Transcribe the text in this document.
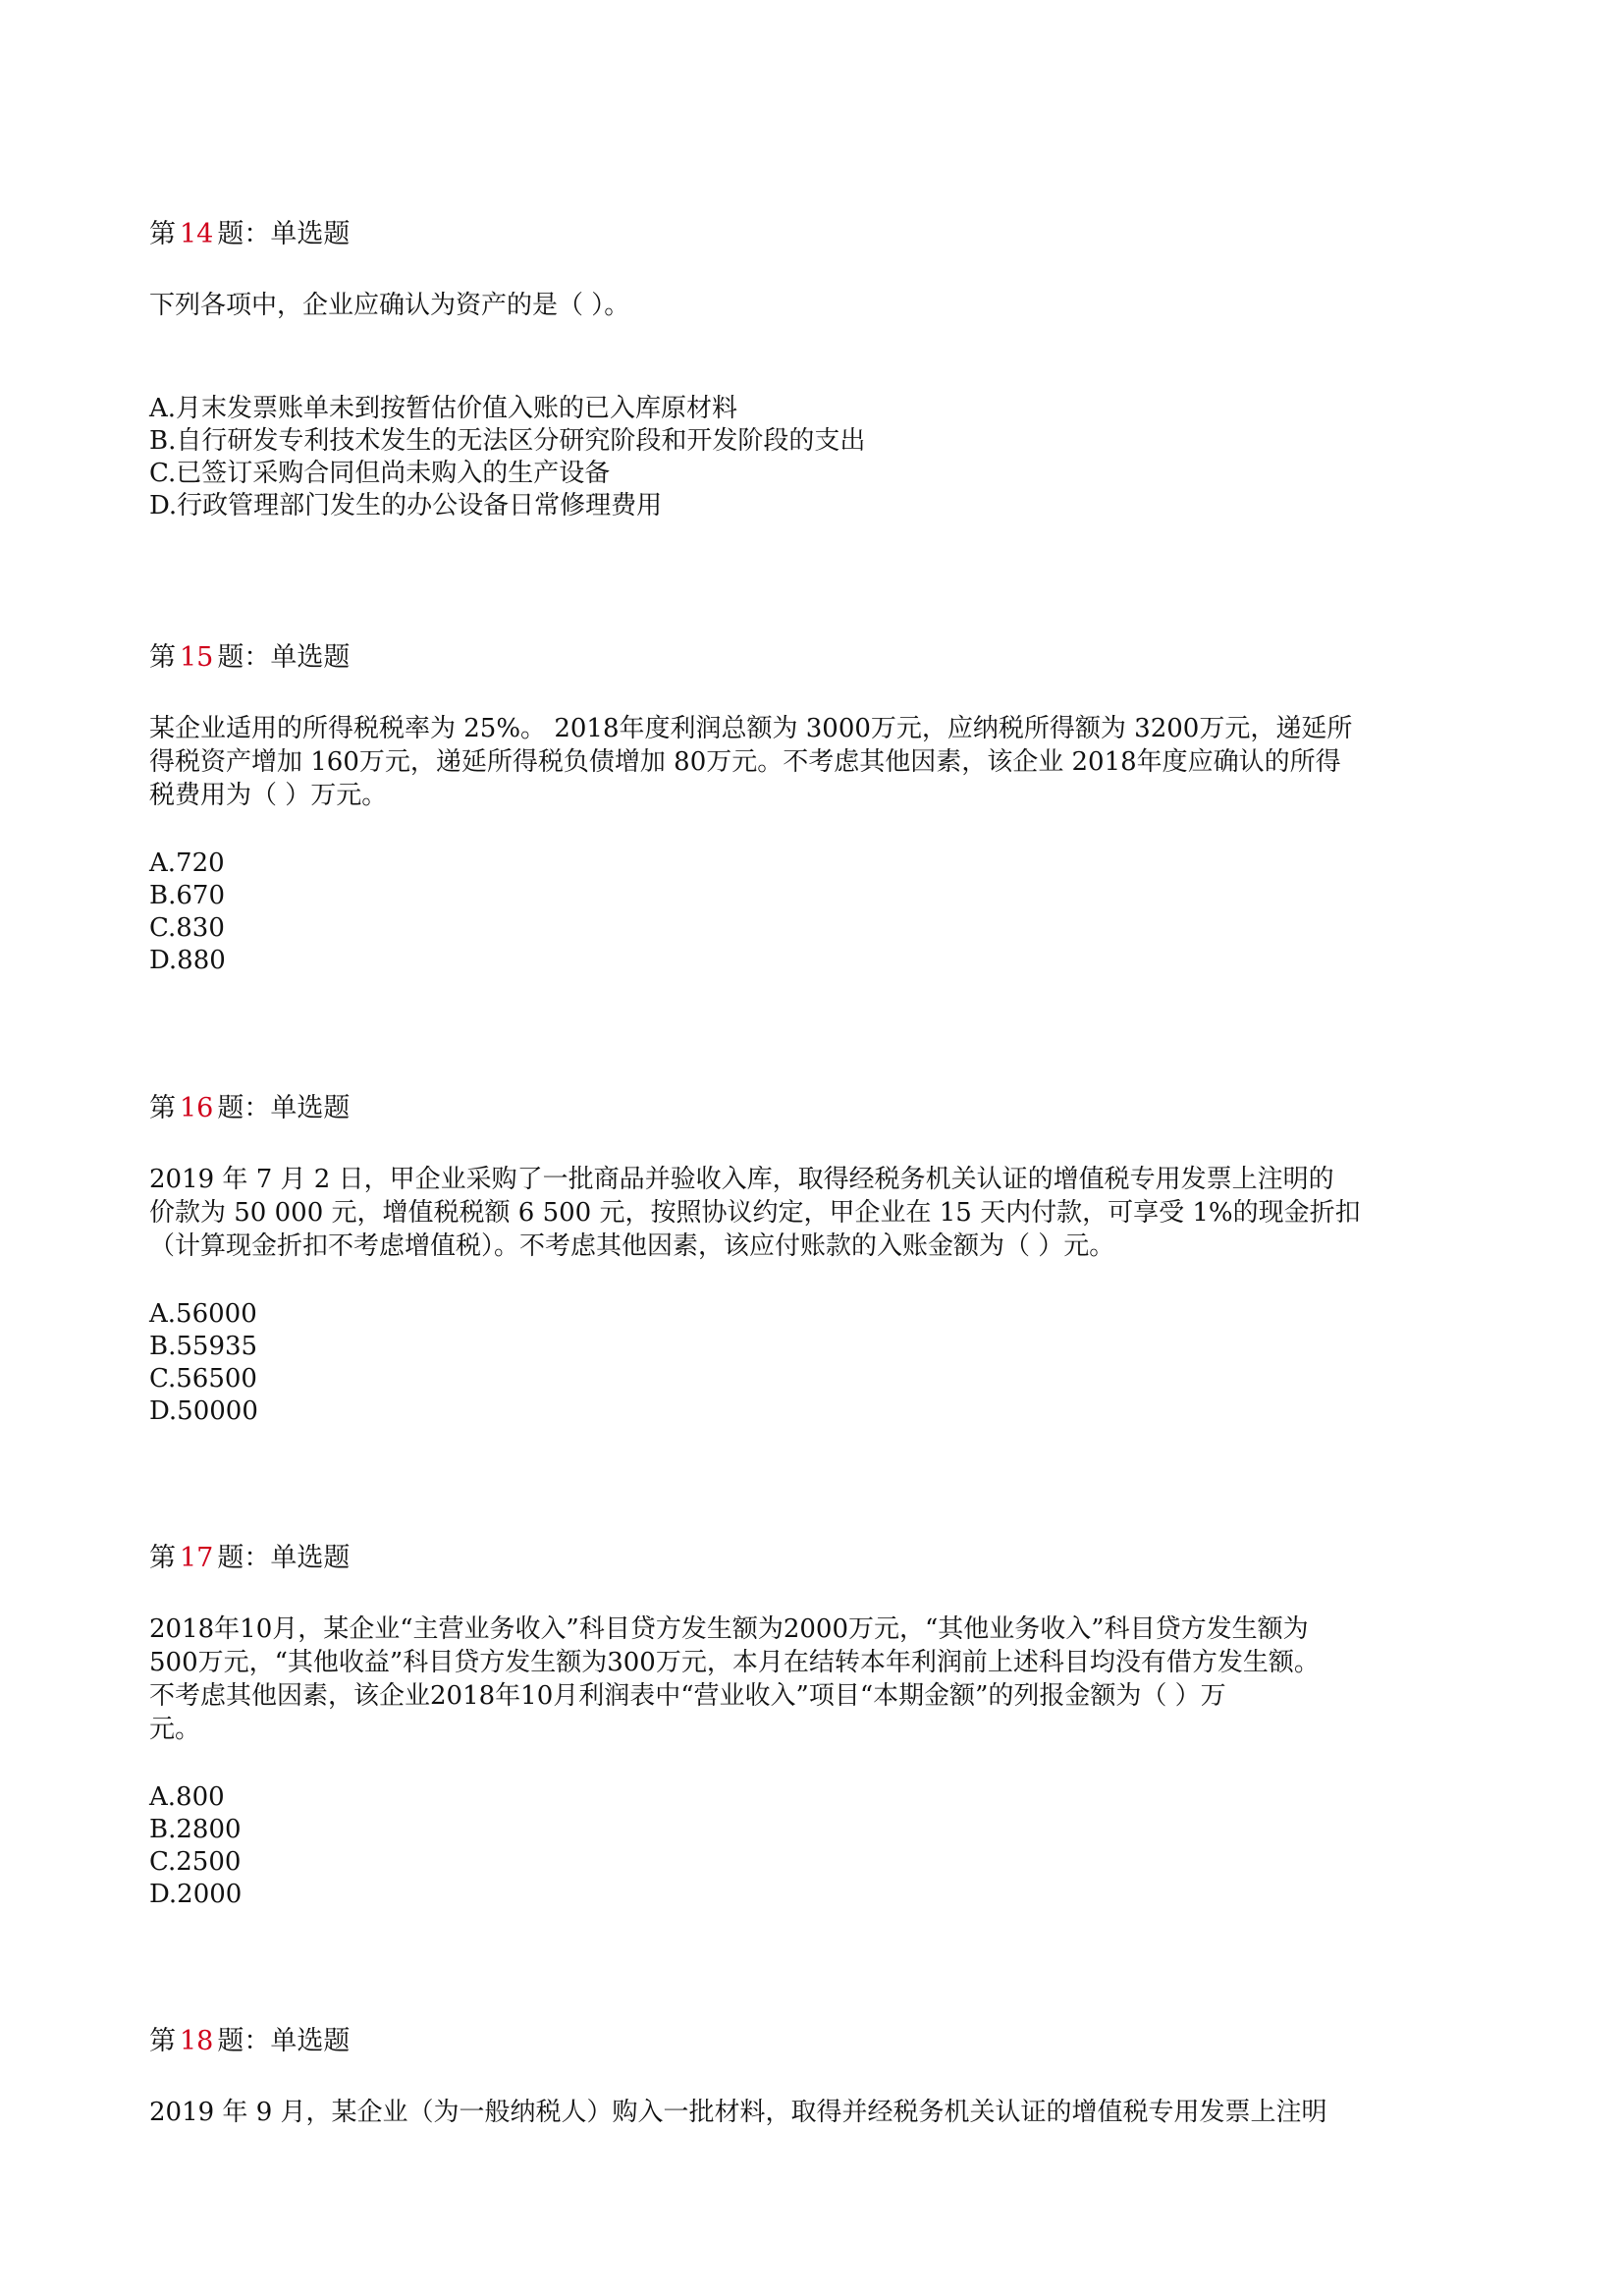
第 14 题：单选题

下列各项中，企业应确认为资产的是（ ）。

A.月末发票账单未到按暂估价值入账的已入库原材料
B.自行研发专利技术发生的无法区分研究阶段和开发阶段的支出
C.已签订采购合同但尚未购入的生产设备
D.行政管理部门发生的办公设备日常修理费用
第 15 题：单选题

某企业适用的所得税税率为 25%。 2018年度利润总额为 3000万元，应纳税所得额为 3200万元，递延所

得税资产增加 160万元，递延所得税负债增加 80万元。不考虑其他因素，该企业 2018年度应确认的所得

税费用为（ ）万元。

A.720
B.670
C.830
D.880
第 16 题：单选题

2019 年 7 月 2 日，甲企业采购了一批商品并验收入库，取得经税务机关认证的增值税专用发票上注明的

价款为 50 000 元，增值税税额 6 500 元，按照协议约定，甲企业在 15 天内付款，可享受 1%的现金折扣

（计算现金折扣不考虑增值税）。不考虑其他因素，该应付账款的入账金额为（ ）元。

A.56000
B.55935
C.56500
D.50000
第 17 题：单选题

2018年10月，某企业“主营业务收入”科目贷方发生额为2000万元，“其他业务收入”科目贷方发生额为

500万元，“其他收益”科目贷方发生额为300万元，本月在结转本年利润前上述科目均没有借方发生额。

不考虑其他因素，该企业2018年10月利润表中“营业收入”项目“本期金额”的列报金额为（ ）万

元。

A.800
B.2800
C.2500
D.2000
第 18 题：单选题

2019 年 9 月，某企业（为一般纳税人）购入一批材料，取得并经税务机关认证的增值税专用发票上注明
